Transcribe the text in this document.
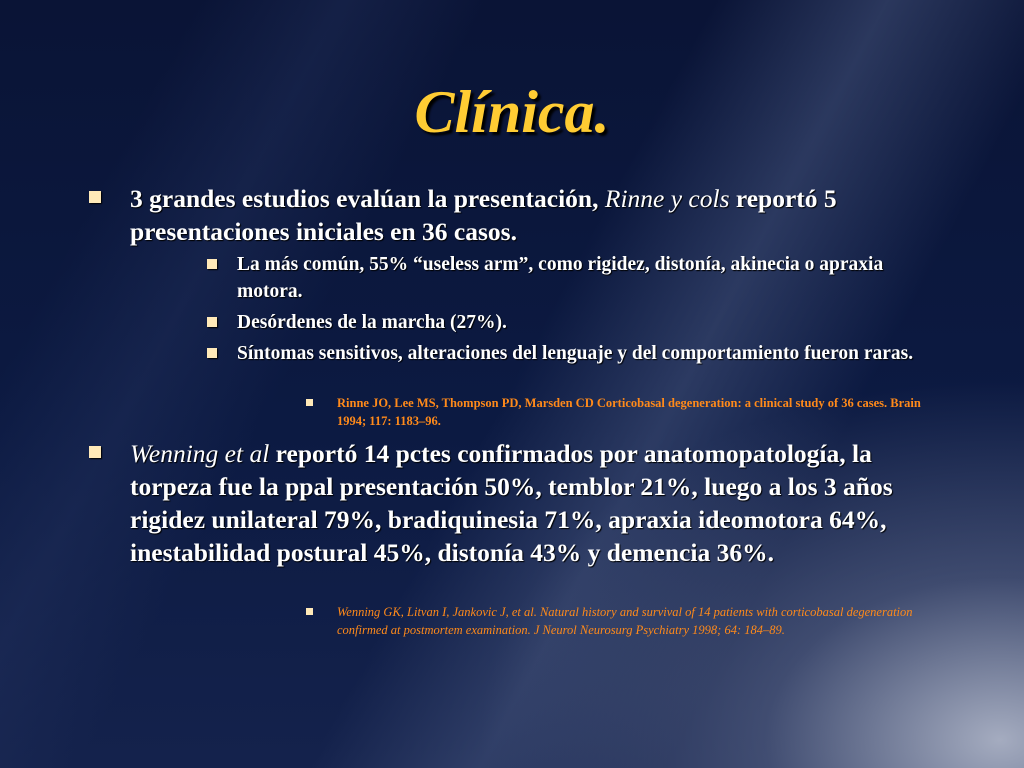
Clínica.
3 grandes estudios evalúan la presentación, Rinne y cols reportó 5 presentaciones iniciales en 36 casos.
La más común, 55% “useless arm”, como rigidez, distonía, akinecia o apraxia motora.
Desórdenes de la marcha (27%).
Síntomas sensitivos, alteraciones del lenguaje y del comportamiento fueron raras.
Rinne JO, Lee MS, Thompson PD, Marsden CD Corticobasal degeneration: a clinical study of 36 cases. Brain 1994; 117: 1183–96.
Wenning et al reportó 14 pctes confirmados por anatomopatología, la torpeza fue la ppal presentación 50%, temblor 21%, luego a los 3 años rigidez unilateral 79%, bradiquinesia 71%, apraxia ideomotora 64%, inestabilidad postural 45%, distonía 43% y demencia 36%.
Wenning GK, Litvan I, Jankovic J, et al. Natural history and survival of 14 patients with corticobasal degeneration confirmed at postmortem examination. J Neurol Neurosurg Psychiatry 1998; 64: 184–89.
